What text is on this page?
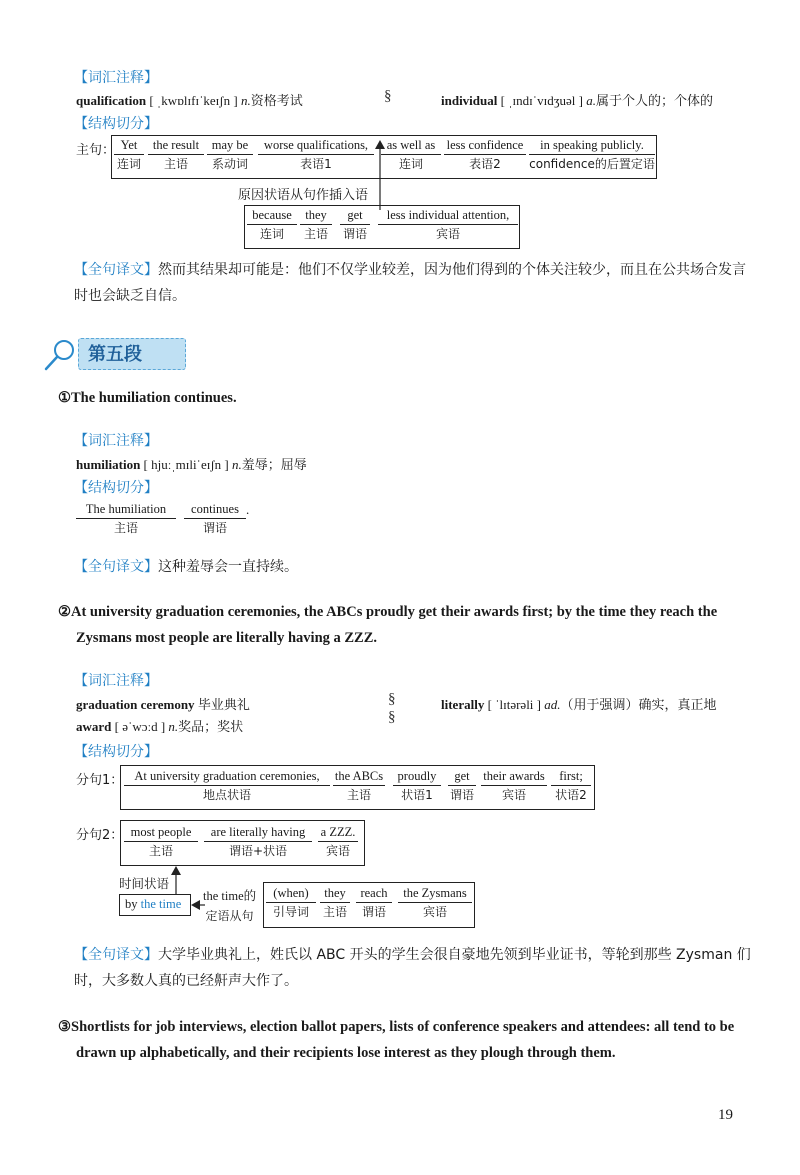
【词汇注释】
qualification [ ˌkwɒlɪfɪˈkeɪʃn ] n.资格考试	§	individual [ ˌɪndɪˈvɪdʒuəl ] a.属于个人的；个体的
【结构切分】
主句： Yet
连词
the result
主语
may be
系动词
worse qualifications,
表语1
as well as
连词
less confidence
表语2
in speaking publicly.
confidence的后置定语
原因状语从句作插入语
because
连词
they
主语
get
谓语
less individual attention,
宾语
【全句译文】然而其结果却可能是：他们不仅学业较差，因为他们得到的个体关注较少，而且在公共场合发言时也会缺乏自信。
第五段
①The humiliation continues.
【词汇注释】
humiliation [ hjuːˌmɪliˈeɪʃn ] n.羞辱；屈辱
【结构切分】
The humiliation
主语
continues
谓语
.
【全句译文】这种羞辱会一直持续。
②At university graduation ceremonies, the ABCs proudly get their awards first; by the time they reach the Zysmans most people are literally having a ZZZ.
【词汇注释】
graduation ceremony 毕业典礼
award [ əˈwɔːd ] n.奖品；奖状
§
§
literally [ ˈlɪtərəli ] ad.（用于强调）确实，真正地
【结构切分】
分句1： At university graduation ceremonies,
地点状语
the ABCs
主语
proudly
状语1
get
谓语
their awards
宾语
first;
状语2
分句2： most people
主语
are literally having
谓语+状语
a ZZZ.
宾语
时间状语
by the time
the time的
定语从句
(when)
引导词
they
主语
reach
谓语
the Zysmans
宾语
【全句译文】大学毕业典礼上，姓氏以 ABC 开头的学生会很自豪地先领到毕业证书，等轮到那些 Zysman 们时，大多数人真的已经鼾声大作了。
③Shortlists for job interviews, election ballot papers, lists of conference speakers and attendees: all tend to be drawn up alphabetically, and their recipients lose interest as they plough through them.
19
